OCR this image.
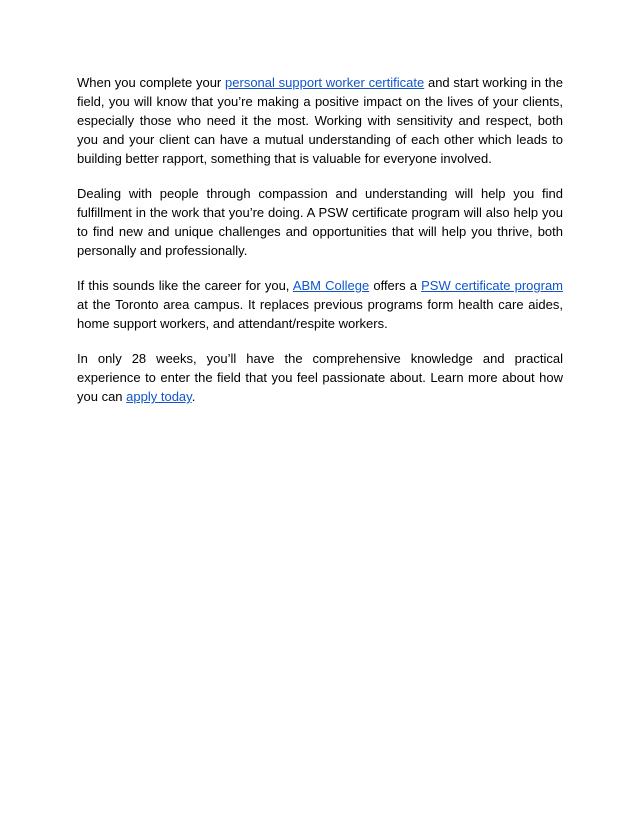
When you complete your personal support worker certificate and start working in the field, you will know that you’re making a positive impact on the lives of your clients, especially those who need it the most. Working with sensitivity and respect, both you and your client can have a mutual understanding of each other which leads to building better rapport, something that is valuable for everyone involved.

Dealing with people through compassion and understanding will help you find fulfillment in the work that you’re doing. A PSW certificate program will also help you to find new and unique challenges and opportunities that will help you thrive, both personally and professionally.

If this sounds like the career for you, ABM College offers a PSW certificate program at the Toronto area campus. It replaces previous programs form health care aides, home support workers, and attendant/respite workers.

In only 28 weeks, you’ll have the comprehensive knowledge and practical experience to enter the field that you feel passionate about. Learn more about how you can apply today.
